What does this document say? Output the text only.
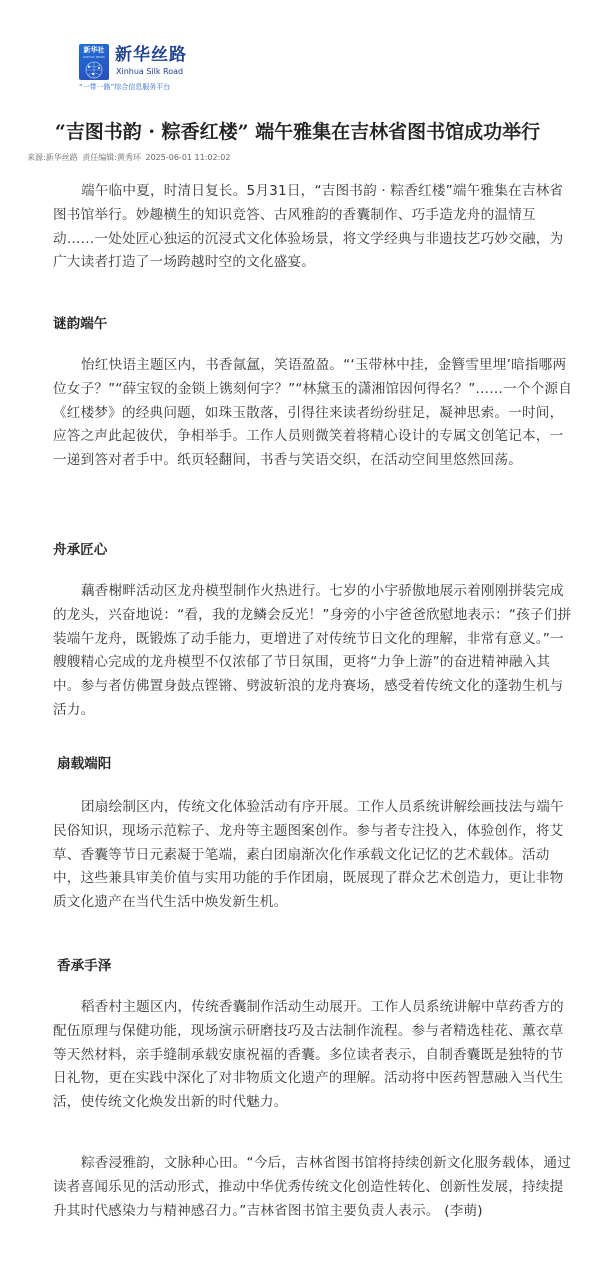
新华社
XINHUA NEWS 新华丝路
Xinhua Silk Road
“一带一路”综合信息服务平台
“吉图书韵 · 粽香红楼” 端午雅集在吉林省图书馆成功举行
来源:新华丝路 责任编辑:黄秀环 2025-06-01 11:02:02

端午临中夏，时清日复长。5月31日，“吉图书韵 · 粽香红楼”端午雅集在吉林省图书馆举行。妙趣横生的知识竞答、古风雅韵的香囊制作、巧手造龙舟的温情互动……一处处匠心独运的沉浸式文化体验场景，将文学经典与非遗技艺巧妙交融，为广大读者打造了一场跨越时空的文化盛宴。

谜韵端午

怡红快语主题区内，书香氤氲，笑语盈盈。“‘玉带林中挂，金簪雪里埋’暗指哪两位女子？”“薛宝钗的金锁上镌刻何字？”“林黛玉的潇湘馆因何得名？”……一个个源自《红楼梦》的经典问题，如珠玉散落，引得往来读者纷纷驻足，凝神思索。一时间，应答之声此起彼伏，争相举手。工作人员则微笑着将精心设计的专属文创笔记本，一一递到答对者手中。纸页轻翻间，书香与笑语交织，在活动空间里悠然回荡。

舟承匠心

藕香榭畔活动区龙舟模型制作火热进行。七岁的小宇骄傲地展示着刚刚拼装完成的龙头，兴奋地说：“看，我的龙鳞会反光！”身旁的小宇爸爸欣慰地表示：“孩子们拼装端午龙舟，既锻炼了动手能力，更增进了对传统节日文化的理解，非常有意义。”一艘艘精心完成的龙舟模型不仅浓郁了节日氛围，更将“力争上游”的奋进精神融入其中。参与者仿佛置身鼓点铿锵、劈波斩浪的龙舟赛场，感受着传统文化的蓬勃生机与活力。

扇载端阳

团扇绘制区内，传统文化体验活动有序开展。工作人员系统讲解绘画技法与端午民俗知识，现场示范粽子、龙舟等主题图案创作。参与者专注投入，体验创作，将艾草、香囊等节日元素凝于笔端，素白团扇渐次化作承载文化记忆的艺术载体。活动中，这些兼具审美价值与实用功能的手作团扇，既展现了群众艺术创造力，更让非物质文化遗产在当代生活中焕发新生机。

香承手泽

稻香村主题区内，传统香囊制作活动生动展开。工作人员系统讲解中草药香方的配伍原理与保健功能，现场演示研磨技巧及古法制作流程。参与者精选桂花、薰衣草等天然材料，亲手缝制承载安康祝福的香囊。多位读者表示，自制香囊既是独特的节日礼物，更在实践中深化了对非物质文化遗产的理解。活动将中医药智慧融入当代生活，使传统文化焕发出新的时代魅力。

粽香浸雅韵，文脉种心田。“今后，吉林省图书馆将持续创新文化服务载体，通过读者喜闻乐见的活动形式，推动中华优秀传统文化创造性转化、创新性发展，持续提升其时代感染力与精神感召力。”吉林省图书馆主要负责人表示。 (李萌)
